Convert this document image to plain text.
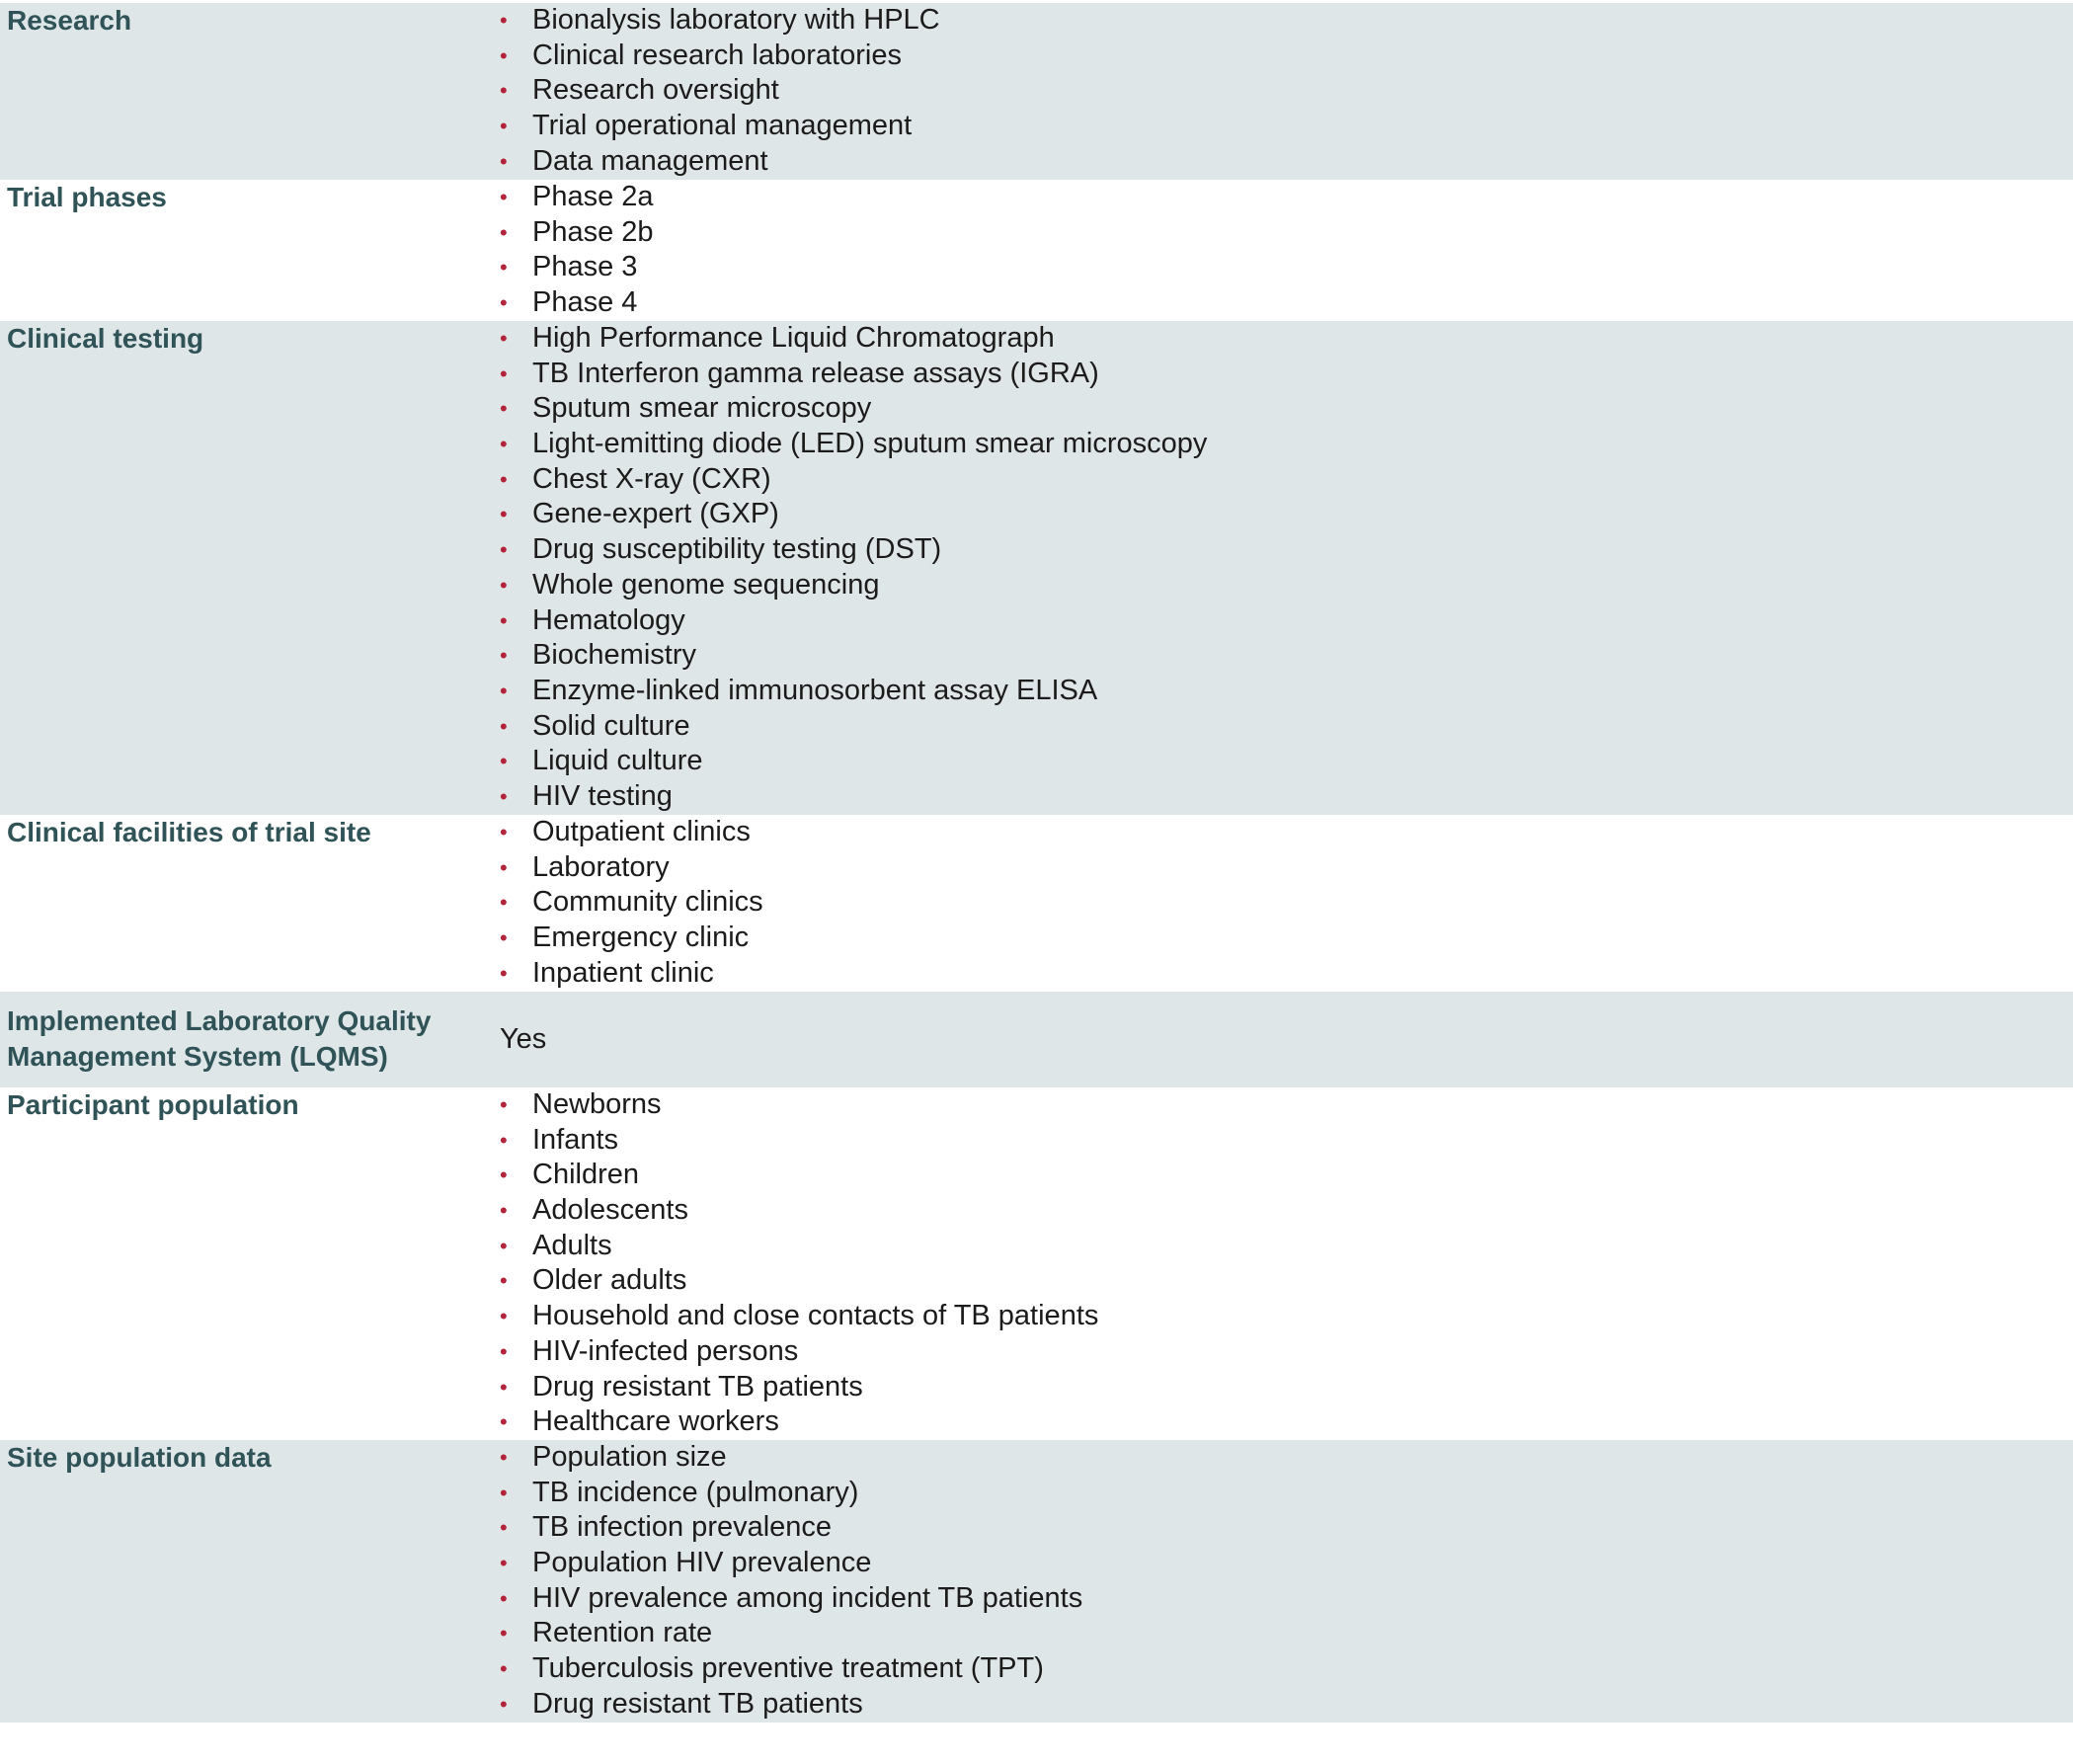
Research	• Bionalysis laboratory with HPLC
• Clinical research laboratories
• Research oversight
• Trial operational management
• Data management
Trial phases	• Phase 2a
• Phase 2b
• Phase 3
• Phase 4
Clinical testing	• High Performance Liquid Chromatograph
• TB Interferon gamma release assays (IGRA)
• Sputum smear microscopy
• Light-emitting diode (LED) sputum smear microscopy
• Chest X-ray (CXR)
• Gene-expert (GXP)
• Drug susceptibility testing (DST)
• Whole genome sequencing
• Hematology
• Biochemistry
• Enzyme-linked immunosorbent assay ELISA
• Solid culture
• Liquid culture
• HIV testing
Clinical facilities of trial site	• Outpatient clinics
• Laboratory
• Community clinics
• Emergency clinic
• Inpatient clinic
Implemented Laboratory Quality
Management System (LQMS)
Yes
Participant population	• Newborns
• Infants
• Children
• Adolescents
• Adults
• Older adults
• Household and close contacts of TB patients
• HIV-infected persons
• Drug resistant TB patients
• Healthcare workers
Site population data	• Population size
• TB incidence (pulmonary)
• TB infection prevalence
• Population HIV prevalence
• HIV prevalence among incident TB patients
• Retention rate
• Tuberculosis preventive treatment (TPT)
• Drug resistant TB patients
